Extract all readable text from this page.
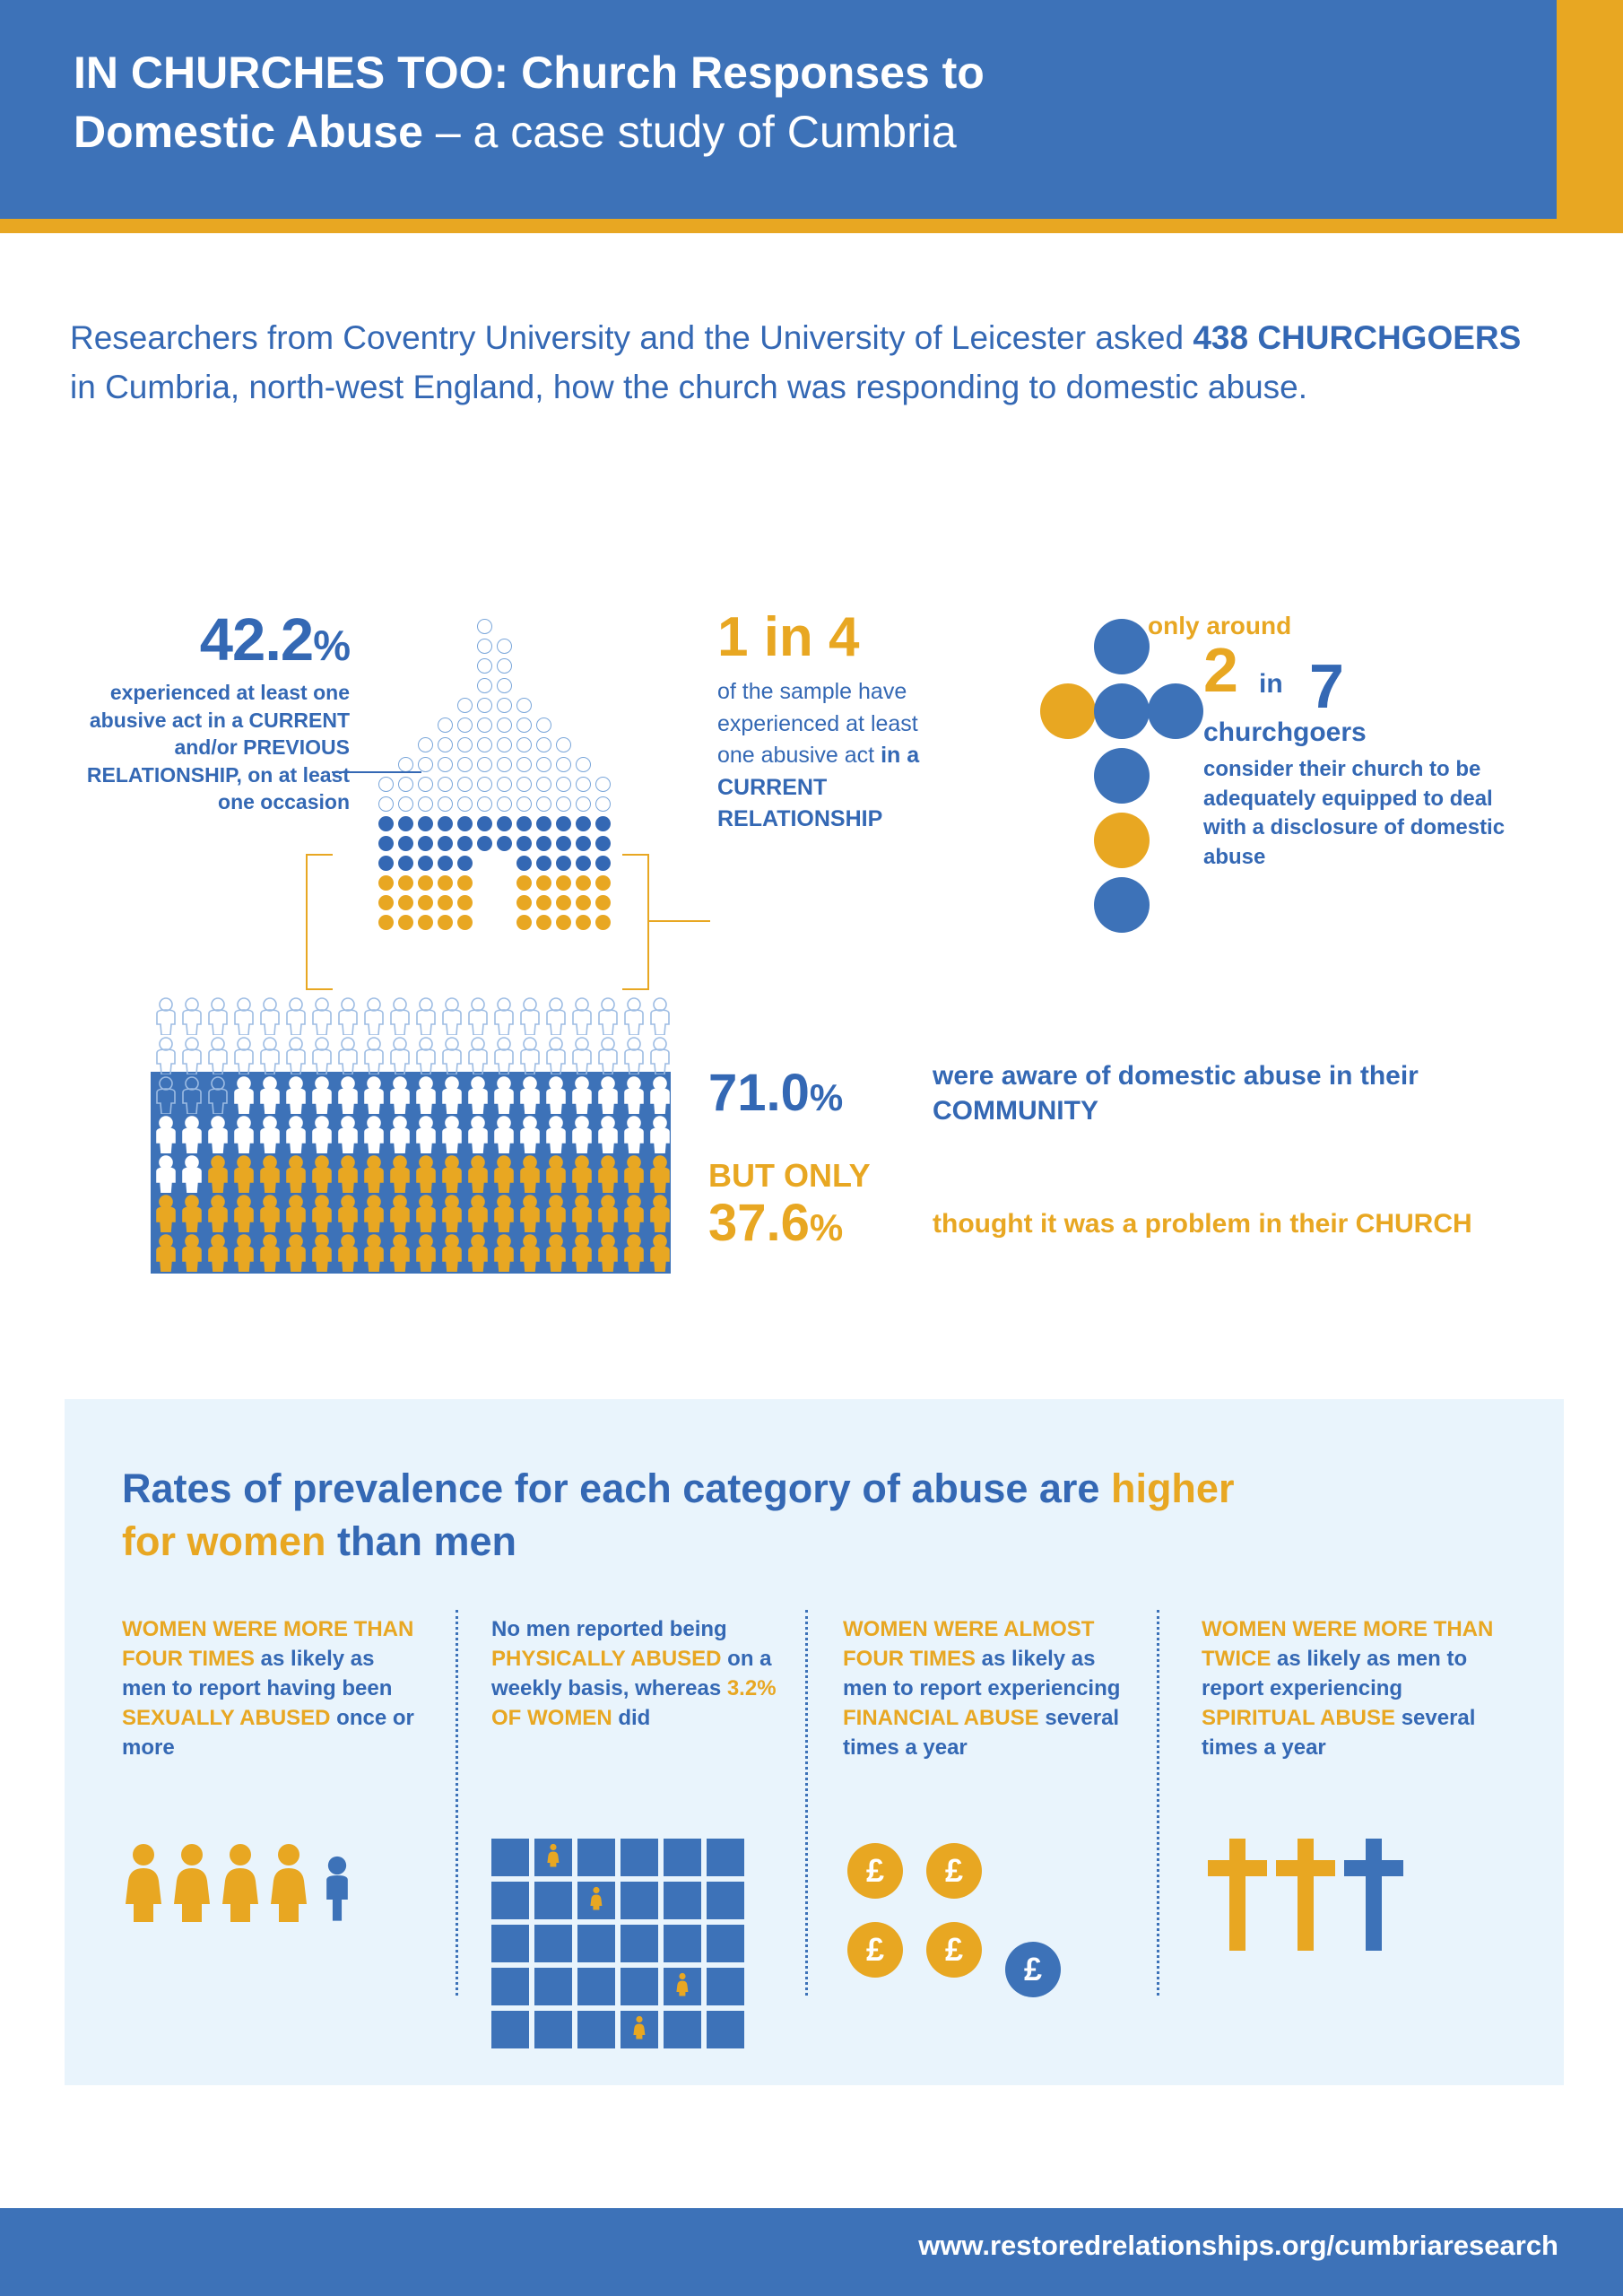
IN CHURCHES TOO: Church Responses to
Domestic Abuse – a case study of Cumbria
Researchers from Coventry University and the University of Leicester asked 438 CHURCHGOERS in Cumbria, north-west England, how the church was responding to domestic abuse.
42.2%
experienced at least one abusive act in a CURRENT and/or PREVIOUS RELATIONSHIP, on at least one occasion
1 in 4
of the sample have experienced at least one abusive act in a CURRENT RELATIONSHIP
only around
2 in 7
churchgoers
consider their church to be adequately equipped to deal with a disclosure of domestic abuse
71.0%were aware of domestic abuse in their COMMUNITY
BUT ONLY
37.6%	thought it was a problem in their CHURCH
Rates of prevalence for each category of abuse are higher for women than men
WOMEN WERE MORE THAN FOUR TIMES as likely as men to report having been SEXUALLY ABUSED once or more
No men reported being PHYSICALLY ABUSED on a weekly basis, whereas 3.2% OF WOMEN did
WOMEN WERE ALMOST FOUR TIMES as likely as men to report experiencing FINANCIAL ABUSE several times a year
WOMEN WERE MORE THAN TWICE as likely as men to report experiencing SPIRITUAL ABUSE several times a year
£	£
£	£
£
www.restoredrelationships.org/cumbriaresearch
